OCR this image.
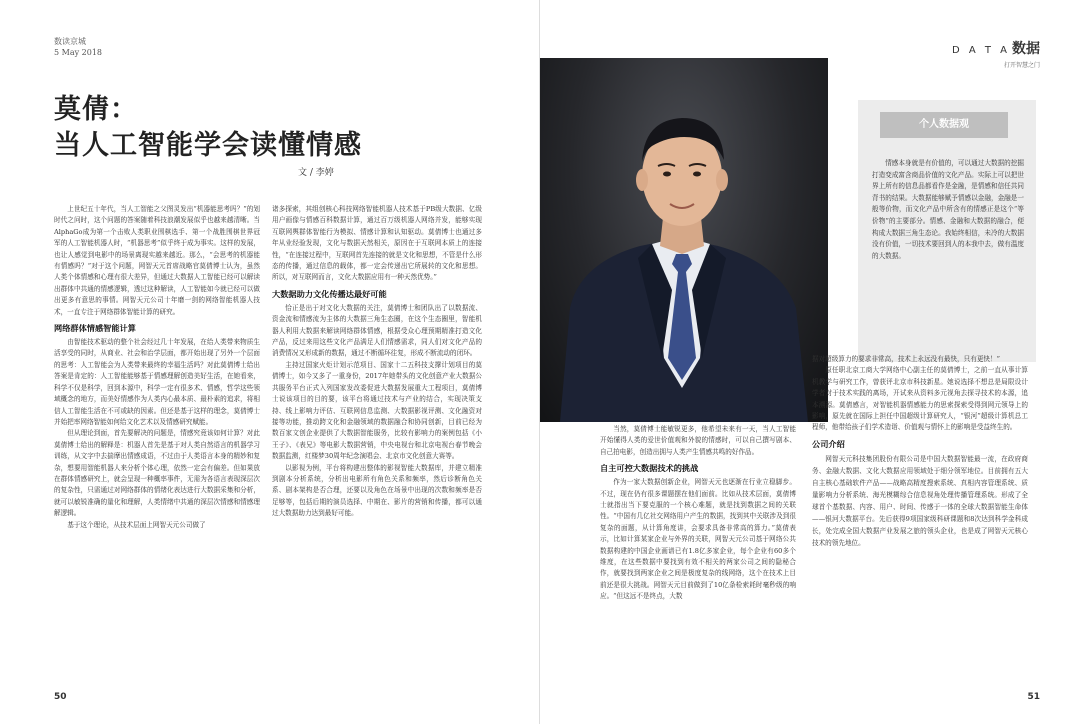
数读京城
5 May 2018
莫倩：
当人工智能学会读懂情感
文 / 李婷

上世纪五十年代，当人工智能之父图灵发出“机器能思考吗？”的划时代之问时，这个问题的答案随着科技浪潮发展似乎也越来越清晰。当AlphaGo成为第一个击败人类职业围棋选手、第一个战胜围棋世界冠军的人工智能机器人时，“机器思考”似乎终于成为事实。这样的发展，也让人感觉到电影中的场景离现实越来越近。那么，“会思考的机器能有情感吗？”对于这个问题，网智天元首席战略官莫倩博士认为，虽然人类个体情感和心理有很大差异，但通过大数据人工智能已经可以解读出群体中共通的情感逻辑，透过这种解读，人工智能如今就已经可以做出更多有意思的事情。网智天元公司十年磨一剑的网络智能机器人技术，一直专注于网络群体智能计算的研究。

网络群体情感智能计算

由智能技术驱动的整个社会经过几十年发展，在给人类带来物质生活享受的同时，从商业、社会和治学层面，都开始出现了另外一个层面的思考：人工智能会为人类带来最终的幸福生活吗？对此莫倩博士给出答案是肯定的：人工智能能够基于情感理解创造美好生活，在她看来，科学不仅是科学，回到本源中，科学一定有很多术、情感，哲学这些领域概念的地方，而美好情感作为人类内心最本质、最朴素的追求，将相信人工智能生活在不可或缺的因素。但还是基于这样的理念，莫倩博士并始把率网络智能如何给文化艺术以及情感研究赋能。

但从理论到面，首先要解决的问题是，情感究竟该如何计算？对此莫倩博士给出的解释是：机器人首先是基于对人类自然语言的机器学习训练，从文字中去揣摩出情感成语，不过由于人类语言本身的精妙和复杂，想要用智能机器人来分析个体心理，依然一定会有偏差。但如果放在群体情感研究上，就会呈现一种概率事件，无需为各语言表现深层次的复杂性，只需通过对网络群体的情绪化表达进行大数据采集和分析，就可以敏锐准确的量化和理解，人类情绪中共通的深层次情感和情感理解逻辑。

基于这个理论，从技术层面上网智天元公司做了

诸多探索，其组创核心科技网络智能机器人技术基于PB级大数据、亿级用户画像与情感百科数据计算，通过百万级机器人网络并发，能够实现互联网舆群体智能行为模拟、情感计算和认知驱动。莫倩博士也通过多年从业经验发现，文化与数据天然相关，原因在于互联网本质上的连接性，“在连接过程中，互联网首先连接的就是文化和思想，不管是什么形态的传播，通过信息的载体，都一定会传递出它所展转的文化和思想。所以，对互联网而言，文化大数据应用有一种天然优势。”

大数据助力文化传播达最好可能

恰正是出于对文化大数据的关注，莫倩博士和团队出了以数据流、资金流和情感流为主体的大数据三角生态圈，在这个生态圈里，智能机器人利用大数据来解读网络群体情感，根据受众心理预期精准打造文化产品，反过来用这些文化产品满足人们情感需求，同人们对文化产品的消费情况又形成新的数据，通过不断循环往复，形成不断流动的闭环。

主持过国家火炬计划示范项目、国家十二五科技支撑计划项目的莫倩博士，如今又多了一重身份，2017年她带头的文化创意产业大数据公共服务平台正式入列国家发改委促进大数据发展重大工程项目，莫倩博士说该项目的目的要，该平台将通过技术与产业的结合，实现决策支持、线上影响力评估、互联网信息监测、大数据影视评测、文化融资对接等功能，推动跨文化和金融领域的数据融合和协同创新，目前已经为数百家文创企业提供了大数据智能服务，比较有影响力的案例包括《小王子》、《表兄》等电影大数据营销，中央电视台和北京电视台春节晚会数据监测，红楼梦30周年纪念演唱会、北京市文化创意大赛等。

以影视为例，平台将构建出整体的影视智能大数据库，并建立精准到剧本分析系统，分析出电影所有角色关系和频率，然后诊断角色关系、剧本架构是否合理，还要以及角色在场景中出现的次数和频率是否足够等，包括后期的演员选择、中期在、影片的营销和传播，都可以通过大数据助力达到最好可能。

50
D A T A 数据
打开智慧之门
个人数据观

情感本身就是有价值的，可以通过大数据的挖掘打造变成富含商品价值的文化产品。实际上可以把世界上所有的信息品都看作是金融，是情感和信任共同背书的结果。大数据能够赋予情感以金融，金融是一般等价物，而文化产品中所含有的情感正是这个“等价物”的主要部分。情感、金融和大数据的融合，便构成大数据三角生态论。我始终相信，未冷的大数据没有价值，一切技术要回到人的本我中去，做有温度的大数据。

当然，莫倩博士能敏锐更多，他希望未来有一天，当人工智能开始懂得人类的爱世价值观和外貌的情感时，可以自己撰写剧本、自己拍电影，创造出拥与人类产生情感共鸣的好作品。

自主可控大数据技术的挑战

作为一家大数据创新企业，网智天元也逐渐在行业立稳脚步。不过，现在仍有很多课题摆在他们面前。比如从技术层面，莫倩博士就指出当下要克服的一个核心难题，就是找到数据之间的关联性。“中国有几亿社交网络用户产生的数据，找到其中关联涉及到很复杂的面题，从计算角度讲，会要求具备非常高的算力。”莫倩表示，比如计算某家企业与外界的关联，网智天元公司基于网络公共数据构建的中国企业画谱已有1.8亿多家企业，每个企业有60多个维度，在这些数据中要找到有效不相关的两家公司之间的隐秘合作，就要找到两家企业之间是极度复杂的线网络，这个在技术上目前还是很大挑战。网智天元目前做到了10亿条检索耗时毫秒级的响应。“但这远不是终点，大数

据对超级算力的要求非常高，技术上永远没有最快，只有更快！”

原任职北京工商大学网络中心副主任的莫倩博士，之前一直从事计算机教学与研究工作，曾获评北京市科技新星。她说选择不想总是局限设计学者对于技术实践的离场，开试来从资料多元视角去探寻技术的本源，追本溯源。莫倩感言，对智能机器情感能力的思索探索受得到网元领导上的影响，原先就在国际上担任中国超级计算研究人，“银河”超级计算机总工程师，他带给孩子们学术造诣、价值观与情怀上的影响是受益终生的。

公司介绍

网智天元科技集团股份有限公司是中国大数据智能最一流，在政府商务、金融大数据、文化大数据应用领域处于细分领军地位。目前拥有五大自主核心基础软件产品——战略高精度搜索系统、真相内容管理系统、质量影响力分析系统、海光模糊综合信息视角处理传播管理系统。形成了全球首个基数据、内容、用户、时间、传感于一体的全球大数据智能生命体——银河大数据平台。先后获得9项国家级科研课题和8次达到科学金科成长，处完成全国大数据产业发展之旅的领头企业，也是成了网智天元核心技术的领先地位。

51
